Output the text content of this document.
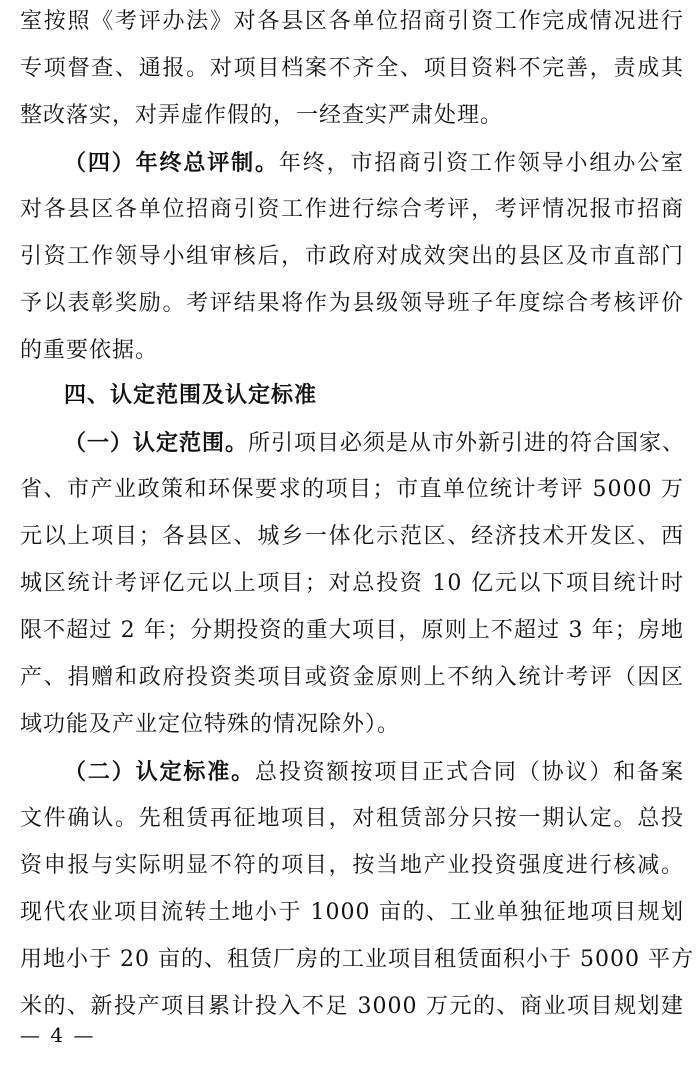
室按照《考评办法》对各县区各单位招商引资工作完成情况进行
专项督查、通报。对项目档案不齐全、项目资料不完善，责成其
整改落实，对弄虚作假的，一经查实严肃处理。
（四）年终总评制。年终，市招商引资工作领导小组办公室
对各县区各单位招商引资工作进行综合考评，考评情况报市招商
引资工作领导小组审核后，市政府对成效突出的县区及市直部门
予以表彰奖励。考评结果将作为县级领导班子年度综合考核评价
的重要依据。
四、认定范围及认定标准
（一）认定范围。所引项目必须是从市外新引进的符合国家、
省、市产业政策和环保要求的项目；市直单位统计考评 5000 万
元以上项目；各县区、城乡一体化示范区、经济技术开发区、西
城区统计考评亿元以上项目；对总投资 10 亿元以下项目统计时
限不超过 2 年；分期投资的重大项目，原则上不超过 3 年；房地
产、捐赠和政府投资类项目或资金原则上不纳入统计考评（因区
域功能及产业定位特殊的情况除外）。
（二）认定标准。总投资额按项目正式合同（协议）和备案
文件确认。先租赁再征地项目，对租赁部分只按一期认定。总投
资申报与实际明显不符的项目，按当地产业投资强度进行核减。
现代农业项目流转土地小于 1000 亩的、工业单独征地项目规划
用地小于 20 亩的、租赁厂房的工业项目租赁面积小于 5000 平方
米的、新投产项目累计投入不足 3000 万元的、商业项目规划建
— 4 —
